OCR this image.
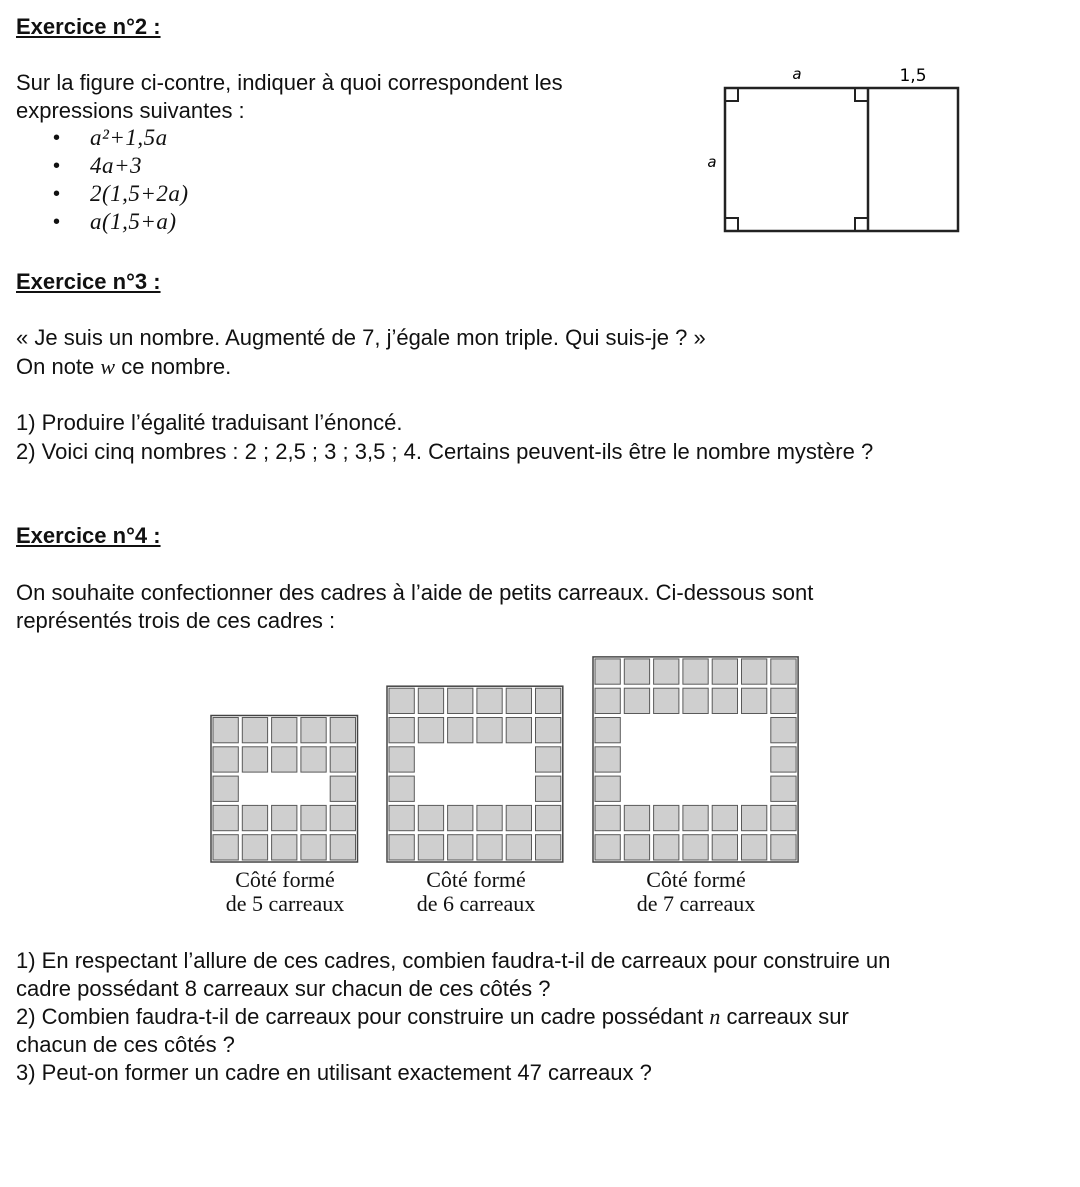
Exercice n°2 :
Sur la figure ci-contre, indiquer à quoi correspondent les
expressions suivantes :
• a²+1,5a
• 4a+3
• 2(1,5+2a)
• a(1,5+a)
a	1,5
a
Exercice n°3 :
« Je suis un nombre. Augmenté de 7, j’égale mon triple. Qui suis-je ? »
On note w ce nombre.
1) Produire l’égalité traduisant l’énoncé.
2) Voici cinq nombres : 2 ; 2,5 ; 3 ; 3,5 ; 4. Certains peuvent-ils être le nombre mystère ?
Exercice n°4 :
On souhaite confectionner des cadres à l’aide de petits carreaux. Ci-dessous sont
représentés trois de ces cadres :
Côté formé
de 5 carreaux
Côté formé
de 6 carreaux
Côté formé
de 7 carreaux
1) En respectant l’allure de ces cadres, combien faudra-t-il de carreaux pour construire un
cadre possédant 8 carreaux sur chacun de ces côtés ?
2) Combien faudra-t-il de carreaux pour construire un cadre possédant n carreaux sur
chacun de ces côtés ?
3) Peut-on former un cadre en utilisant exactement 47 carreaux ?
